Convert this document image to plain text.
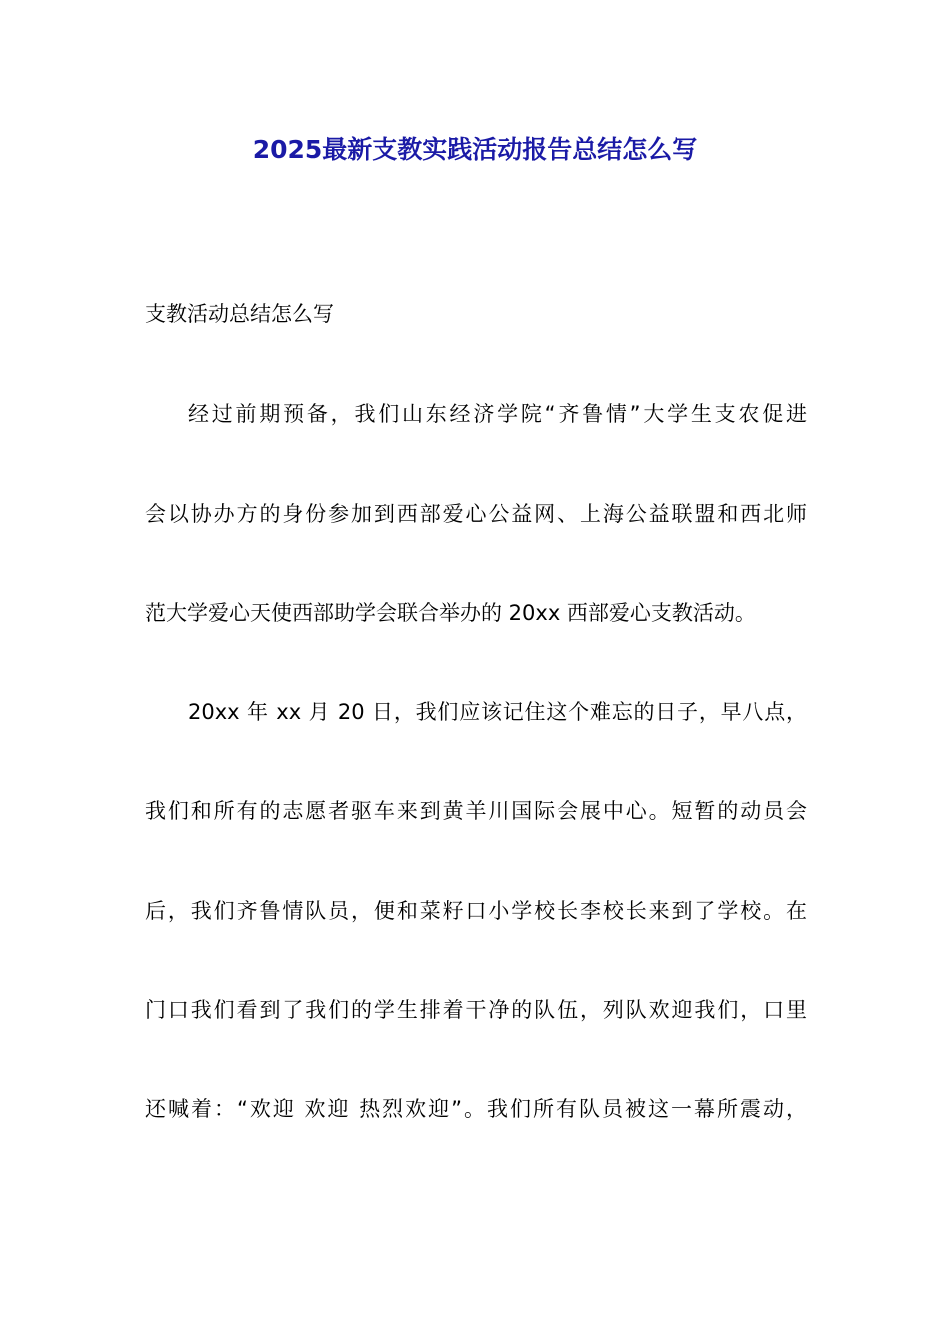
2025最新支教实践活动报告总结怎么写
支教活动总结怎么写
经过前期预备，我们山东经济学院“齐鲁情”大学生支农促进
会以协办方的身份参加到西部爱心公益网、上海公益联盟和西北师
范大学爱心天使西部助学会联合举办的 20xx 西部爱心支教活动。
20xx 年 xx 月 20 日，我们应该记住这个难忘的日子，早八点，
我们和所有的志愿者驱车来到黄羊川国际会展中心。短暂的动员会
后，我们齐鲁情队员，便和菜籽口小学校长李校长来到了学校。在
门口我们看到了我们的学生排着干净的队伍，列队欢迎我们，口里
还喊着：“欢迎 欢迎 热烈欢迎”。我们所有队员被这一幕所震动，
